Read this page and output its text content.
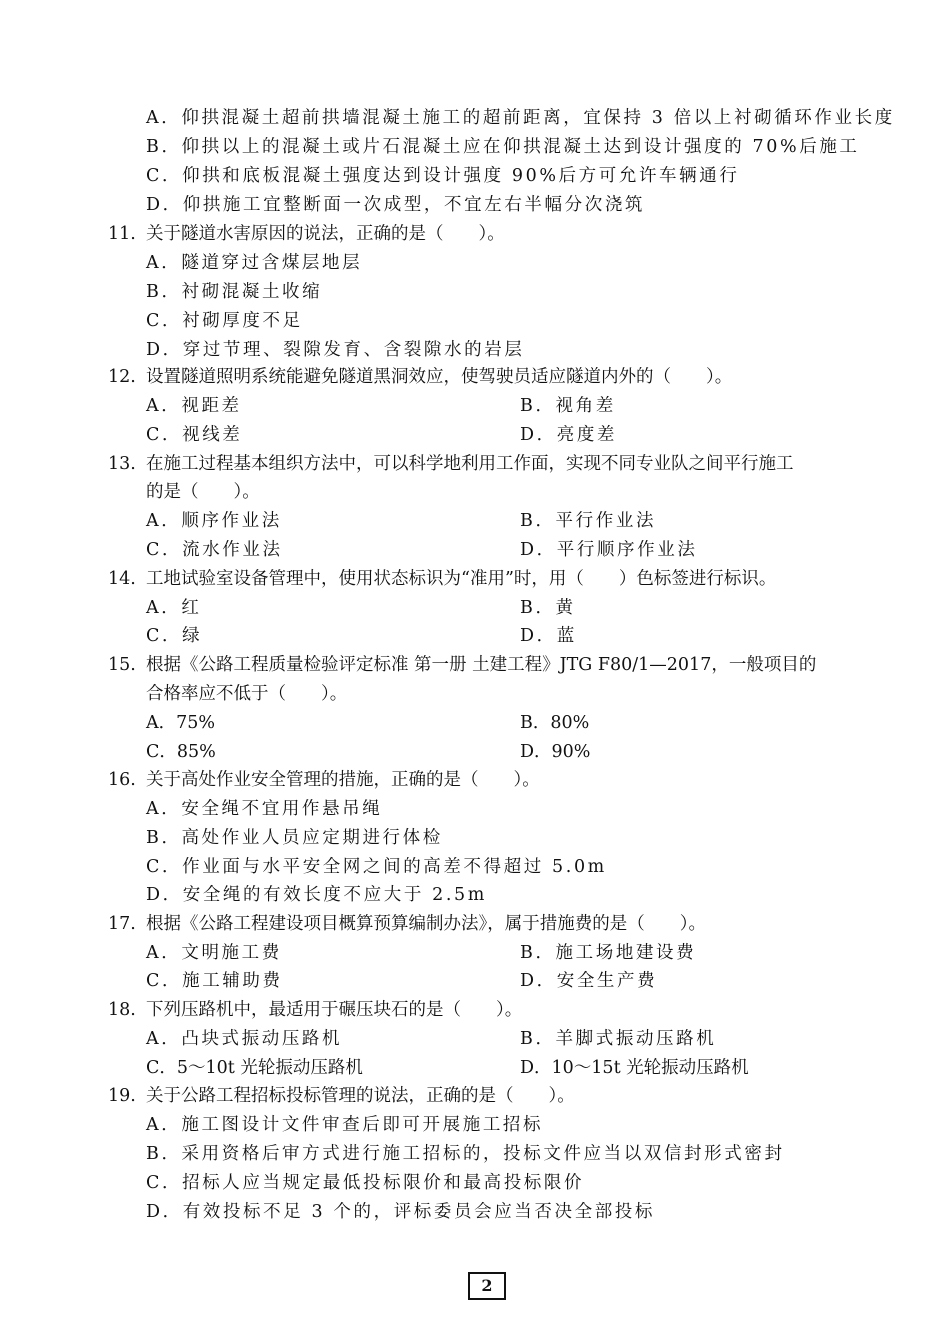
A．仰拱混凝土超前拱墙混凝土施工的超前距离，宜保持 3 倍以上衬砌循环作业长度
B．仰拱以上的混凝土或片石混凝土应在仰拱混凝土达到设计强度的 70%后施工
C．仰拱和底板混凝土强度达到设计强度 90%后方可允许车辆通行
D．仰拱施工宜整断面一次成型，不宜左右半幅分次浇筑
11. 关于隧道水害原因的说法，正确的是（　　）。
A．隧道穿过含煤层地层
B．衬砌混凝土收缩
C．衬砌厚度不足
D．穿过节理、裂隙发育、含裂隙水的岩层
12. 设置隧道照明系统能避免隧道黑洞效应，使驾驶员适应隧道内外的（　　）。
A．视距差	B．视角差
C．视线差	D．亮度差
13. 在施工过程基本组织方法中，可以科学地利用工作面，实现不同专业队之间平行施工
的是（　　）。
A．顺序作业法	B．平行作业法
C．流水作业法	D．平行顺序作业法
14. 工地试验室设备管理中，使用状态标识为“准用”时，用（　　）色标签进行标识。
A．红	B．黄
C．绿	D．蓝
15. 根据《公路工程质量检验评定标准 第一册 土建工程》JTG F80/1—2017，一般项目的
合格率应不低于（　　）。
A．75%	B．80%
C．85%	D．90%
16. 关于高处作业安全管理的措施，正确的是（　　）。
A．安全绳不宜用作悬吊绳
B．高处作业人员应定期进行体检
C．作业面与水平安全网之间的高差不得超过 5.0m
D．安全绳的有效长度不应大于 2.5m
17. 根据《公路工程建设项目概算预算编制办法》，属于措施费的是（　　）。
A．文明施工费	B．施工场地建设费
C．施工辅助费	D．安全生产费
18. 下列压路机中，最适用于碾压块石的是（　　）。
A．凸块式振动压路机	B．羊脚式振动压路机
C．5～10t 光轮振动压路机	D．10～15t 光轮振动压路机
19. 关于公路工程招标投标管理的说法，正确的是（　　）。
A．施工图设计文件审查后即可开展施工招标
B．采用资格后审方式进行施工招标的，投标文件应当以双信封形式密封
C．招标人应当规定最低投标限价和最高投标限价
D．有效投标不足 3 个的，评标委员会应当否决全部投标
2
